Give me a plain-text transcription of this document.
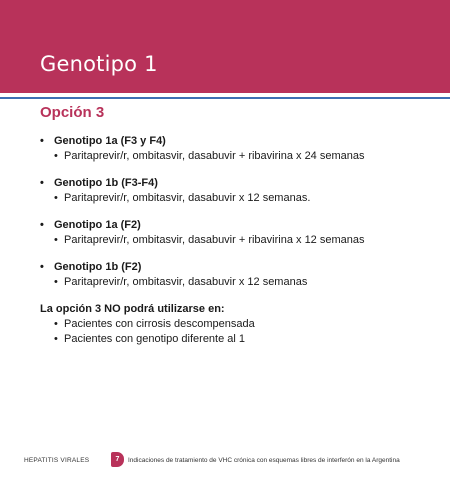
Genotipo 1
Opción 3
• Genotipo 1a (F3 y F4)
• Paritaprevir/r, ombitasvir, dasabuvir + ribavirina x 24 semanas
• Genotipo 1b (F3-F4)
• Paritaprevir/r, ombitasvir, dasabuvir x 12 semanas.
• Genotipo 1a (F2)
• Paritaprevir/r, ombitasvir, dasabuvir + ribavirina x 12 semanas
• Genotipo 1b (F2)
• Paritaprevir/r, ombitasvir, dasabuvir x 12 semanas
La opción 3 NO podrá utilizarse en:
• Pacientes con cirrosis descompensada
• Pacientes con genotipo diferente al 1
HEPATITIS VIRALES	7	Indicaciones de tratamiento de VHC crónica con esquemas libres de interferón en la Argentina
